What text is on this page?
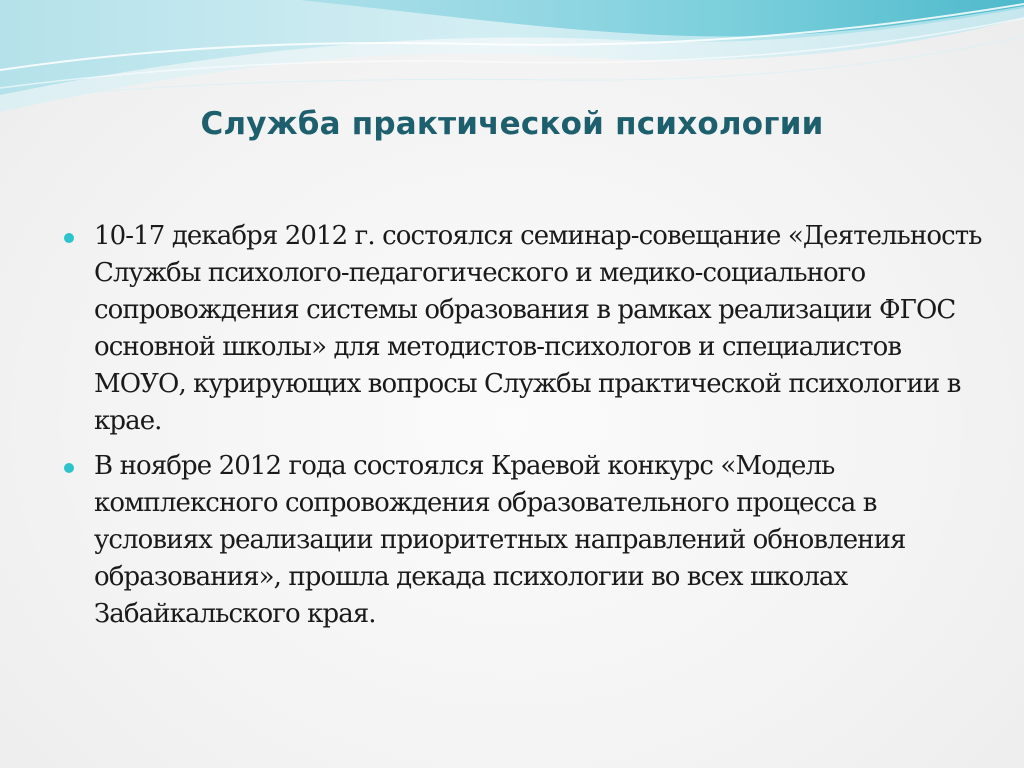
Служба практической психологии
10-17 декабря 2012 г. состоялся семинар-совещание «Деятельность Службы психолого-педагогического и медико-социального сопровождения системы образования в рамках реализации ФГОС основной школы» для методистов-психологов и специалистов МОУО, курирующих вопросы Службы практической психологии в крае.
В ноябре 2012 года состоялся Краевой конкурс «Модель комплексного сопровождения образовательного процесса в условиях реализации приоритетных направлений обновления образования», прошла декада психологии во всех школах Забайкальского края.
